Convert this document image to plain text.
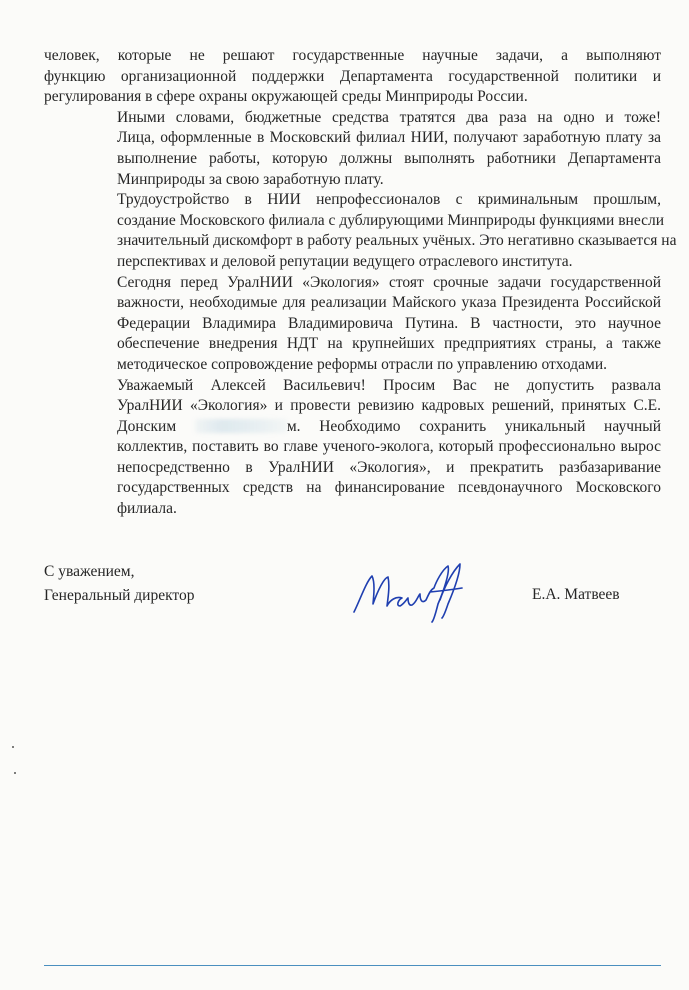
человек, которые не решают государственные научные задачи, а выполняют
функцию организационной поддержки Департамента государственной политики и
регулирования в сфере охраны окружающей среды Минприроды России.

Иными словами, бюджетные средства тратятся два раза на одно и тоже!
Лица, оформленные в Московский филиал НИИ, получают заработную плату за
выполнение работы, которую должны выполнять работники Департамента
Минприроды за свою заработную плату.

Трудоустройство в НИИ непрофессионалов с криминальным прошлым,
создание Московского филиала с дублирующими Минприроды функциями внесли
значительный дискомфорт в работу реальных учёных. Это негативно сказывается на
перспективах и деловой репутации ведущего отраслевого института.

Сегодня перед УралНИИ «Экология» стоят срочные задачи государственной
важности, необходимые для реализации Майского указа Президента Российской
Федерации Владимира Владимировича Путина. В частности, это научное
обеспечение внедрения НДТ на крупнейших предприятиях страны, а также
методическое сопровождение реформы отрасли по управлению отходами.

Уважаемый Алексей Васильевич! Просим Вас не допустить развала
УралНИИ «Экология» и провести ревизию кадровых решений, принятых С.Е.
Донским	м. Необходимо сохранить уникальный научный
коллектив, поставить во главе ученого-эколога, который профессионально вырос
непосредственно в УралНИИ «Экология», и прекратить разбазаривание
государственных средств на финансирование псевдонаучного Московского
филиала.

С уважением,
Генеральный директор	Е.А. Матвеев
